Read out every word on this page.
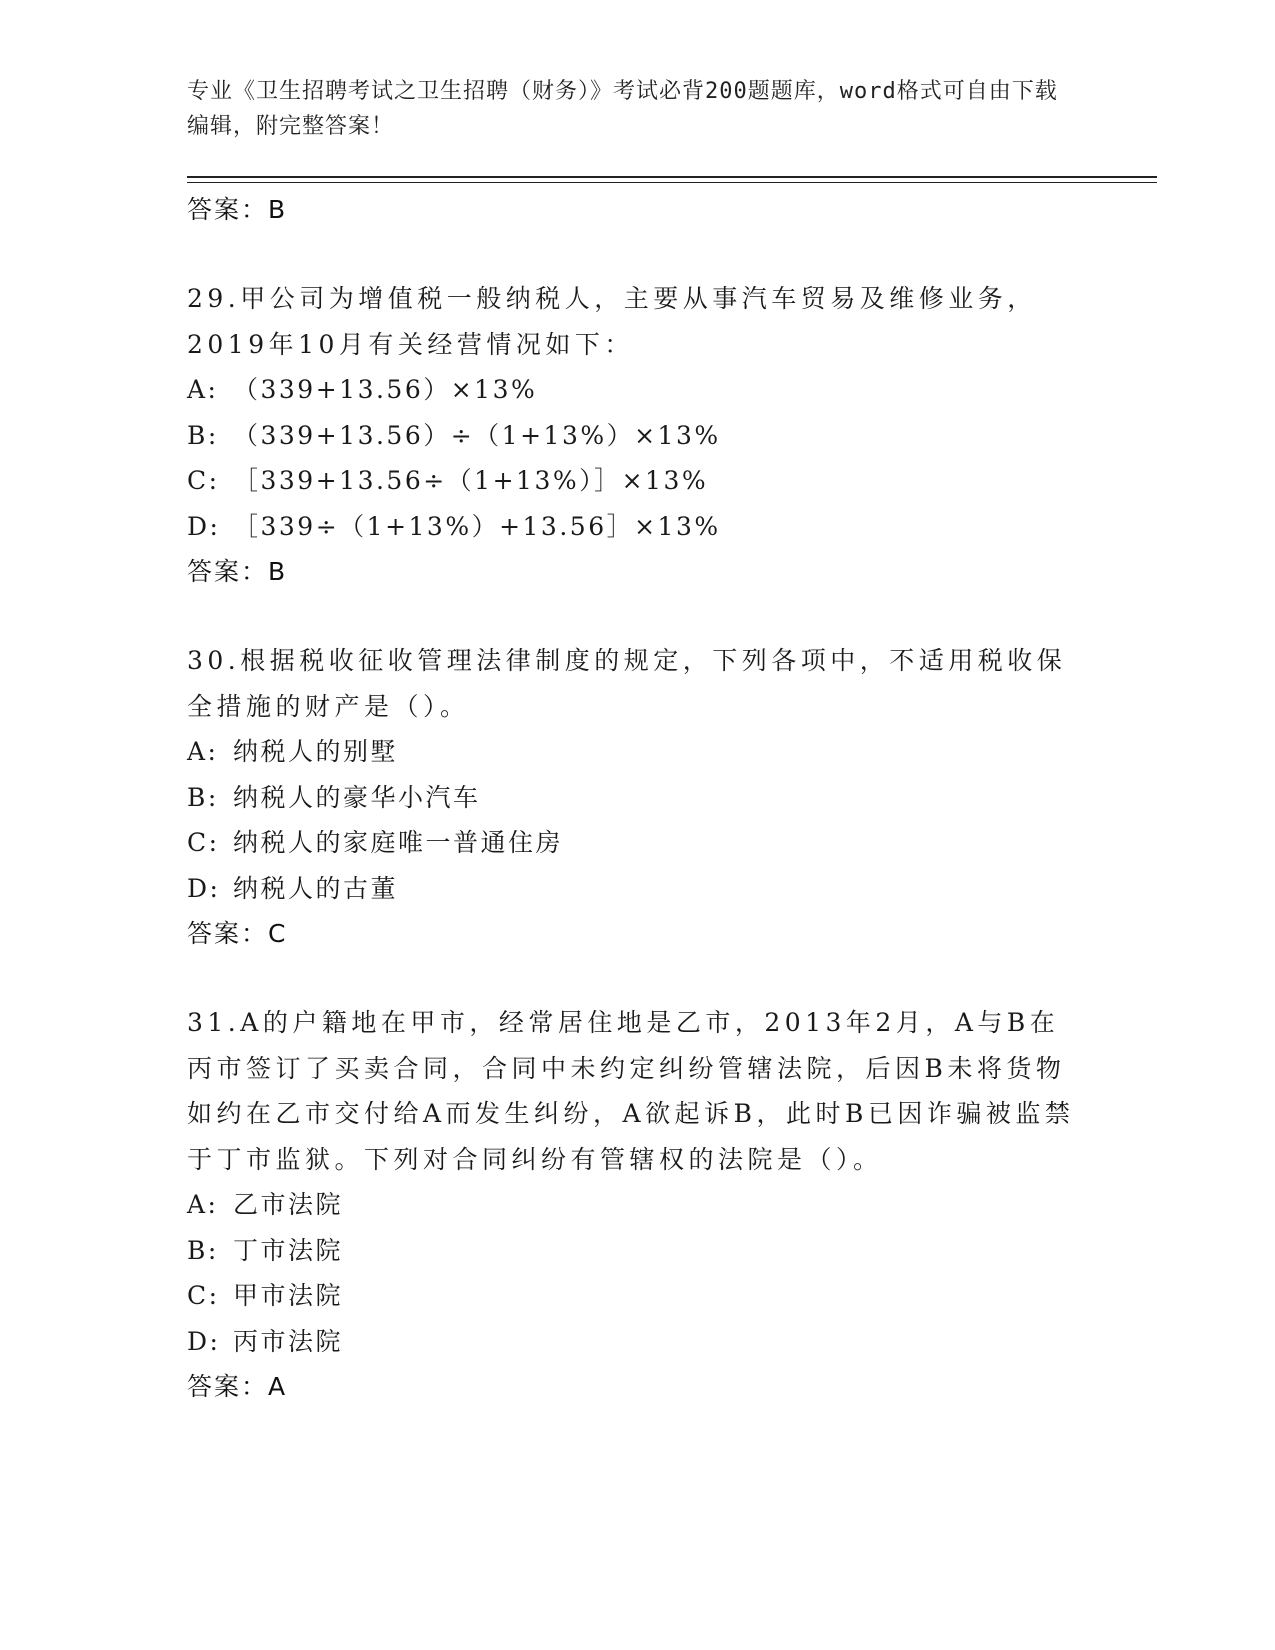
专业《卫生招聘考试之卫生招聘（财务）》考试必背200题题库，word格式可自由下载编辑，附完整答案！
答案：B
29.甲公司为增值税一般纳税人，主要从事汽车贸易及维修业务，2019年10月有关经营情况如下：
A: （339+13.56）×13%
B: （339+13.56）÷（1+13%）×13%
C: ［339+13.56÷（1+13%）］×13%
D: ［339÷（1+13%）+13.56］×13%
答案：B
30.根据税收征收管理法律制度的规定，下列各项中，不适用税收保全措施的财产是（）。
A: 纳税人的别墅
B: 纳税人的豪华小汽车
C: 纳税人的家庭唯一普通住房
D: 纳税人的古董
答案：C
31.A的户籍地在甲市，经常居住地是乙市，2013年2月，A与B在丙市签订了买卖合同，合同中未约定纠纷管辖法院，后因B未将货物如约在乙市交付给A而发生纠纷，A欲起诉B，此时B已因诈骗被监禁于丁市监狱。下列对合同纠纷有管辖权的法院是（）。
A: 乙市法院
B: 丁市法院
C: 甲市法院
D: 丙市法院
答案：A
